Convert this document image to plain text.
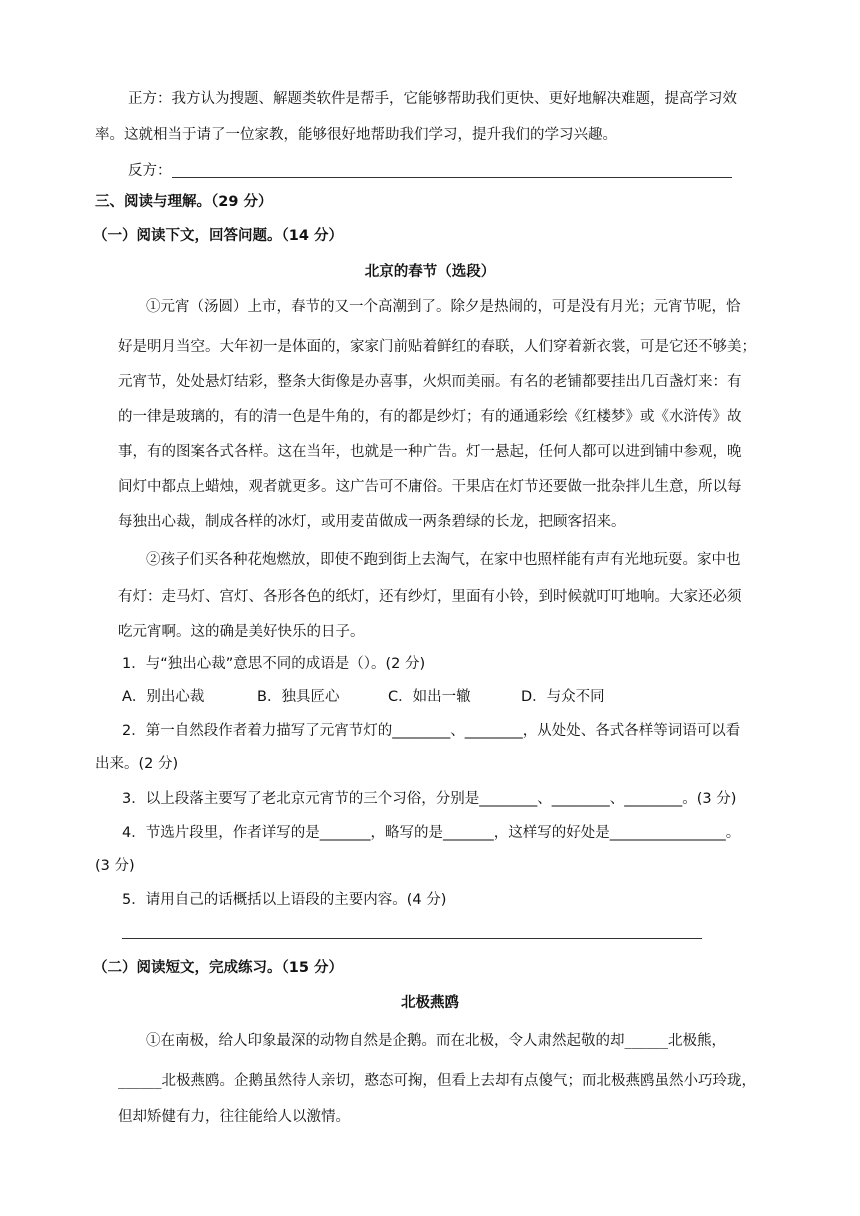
正方：我方认为搜题、解题类软件是帮手，它能够帮助我们更快、更好地解决难题，提高学习效
率。这就相当于请了一位家教，能够很好地帮助我们学习，提升我们的学习兴趣。
反方：
三、阅读与理解。（29 分）
（一）阅读下文，回答问题。（14 分）
北京的春节（选段）
①元宵（汤圆）上市，春节的又一个高潮到了。除夕是热闹的，可是没有月光；元宵节呢，恰
好是明月当空。大年初一是体面的，家家门前贴着鲜红的春联，人们穿着新衣裳，可是它还不够美；
元宵节，处处悬灯结彩，整条大街像是办喜事，火炽而美丽。有名的老铺都要挂出几百盏灯来：有
的一律是玻璃的，有的清一色是牛角的，有的都是纱灯；有的通通彩绘《红楼梦》或《水浒传》故
事，有的图案各式各样。这在当年，也就是一种广告。灯一悬起，任何人都可以进到铺中参观，晚
间灯中都点上蜡烛，观者就更多。这广告可不庸俗。干果店在灯节还要做一批杂拌儿生意，所以每
每独出心裁，制成各样的冰灯，或用麦苗做成一两条碧绿的长龙，把顾客招来。
②孩子们买各种花炮燃放，即使不跑到街上去淘气，在家中也照样能有声有光地玩耍。家中也
有灯：走马灯、宫灯、各形各色的纸灯，还有纱灯，里面有小铃，到时候就叮叮地响。大家还必须
吃元宵啊。这的确是美好快乐的日子。
1．与“独出心裁”意思不同的成语是（）。(2 分)
A．别出心裁	B．独具匠心	C．如出一辙	D．与众不同
2．第一自然段作者着力描写了元宵节灯的________、________，从处处、各式各样等词语可以看
出来。(2 分)
3．以上段落主要写了老北京元宵节的三个习俗，分别是________、________、________。(3 分)
4．节选片段里，作者详写的是_______，略写的是_______，这样写的好处是________________。
(3 分)
5．请用自己的话概括以上语段的主要内容。(4 分)
（二）阅读短文，完成练习。（15 分）
北极燕鸥
①在南极，给人印象最深的动物自然是企鹅。而在北极，令人肃然起敬的却______北极熊，
______北极燕鸥。企鹅虽然待人亲切，憨态可掬，但看上去却有点傻气；而北极燕鸥虽然小巧玲珑，
但却矫健有力，往往能给人以激情。
